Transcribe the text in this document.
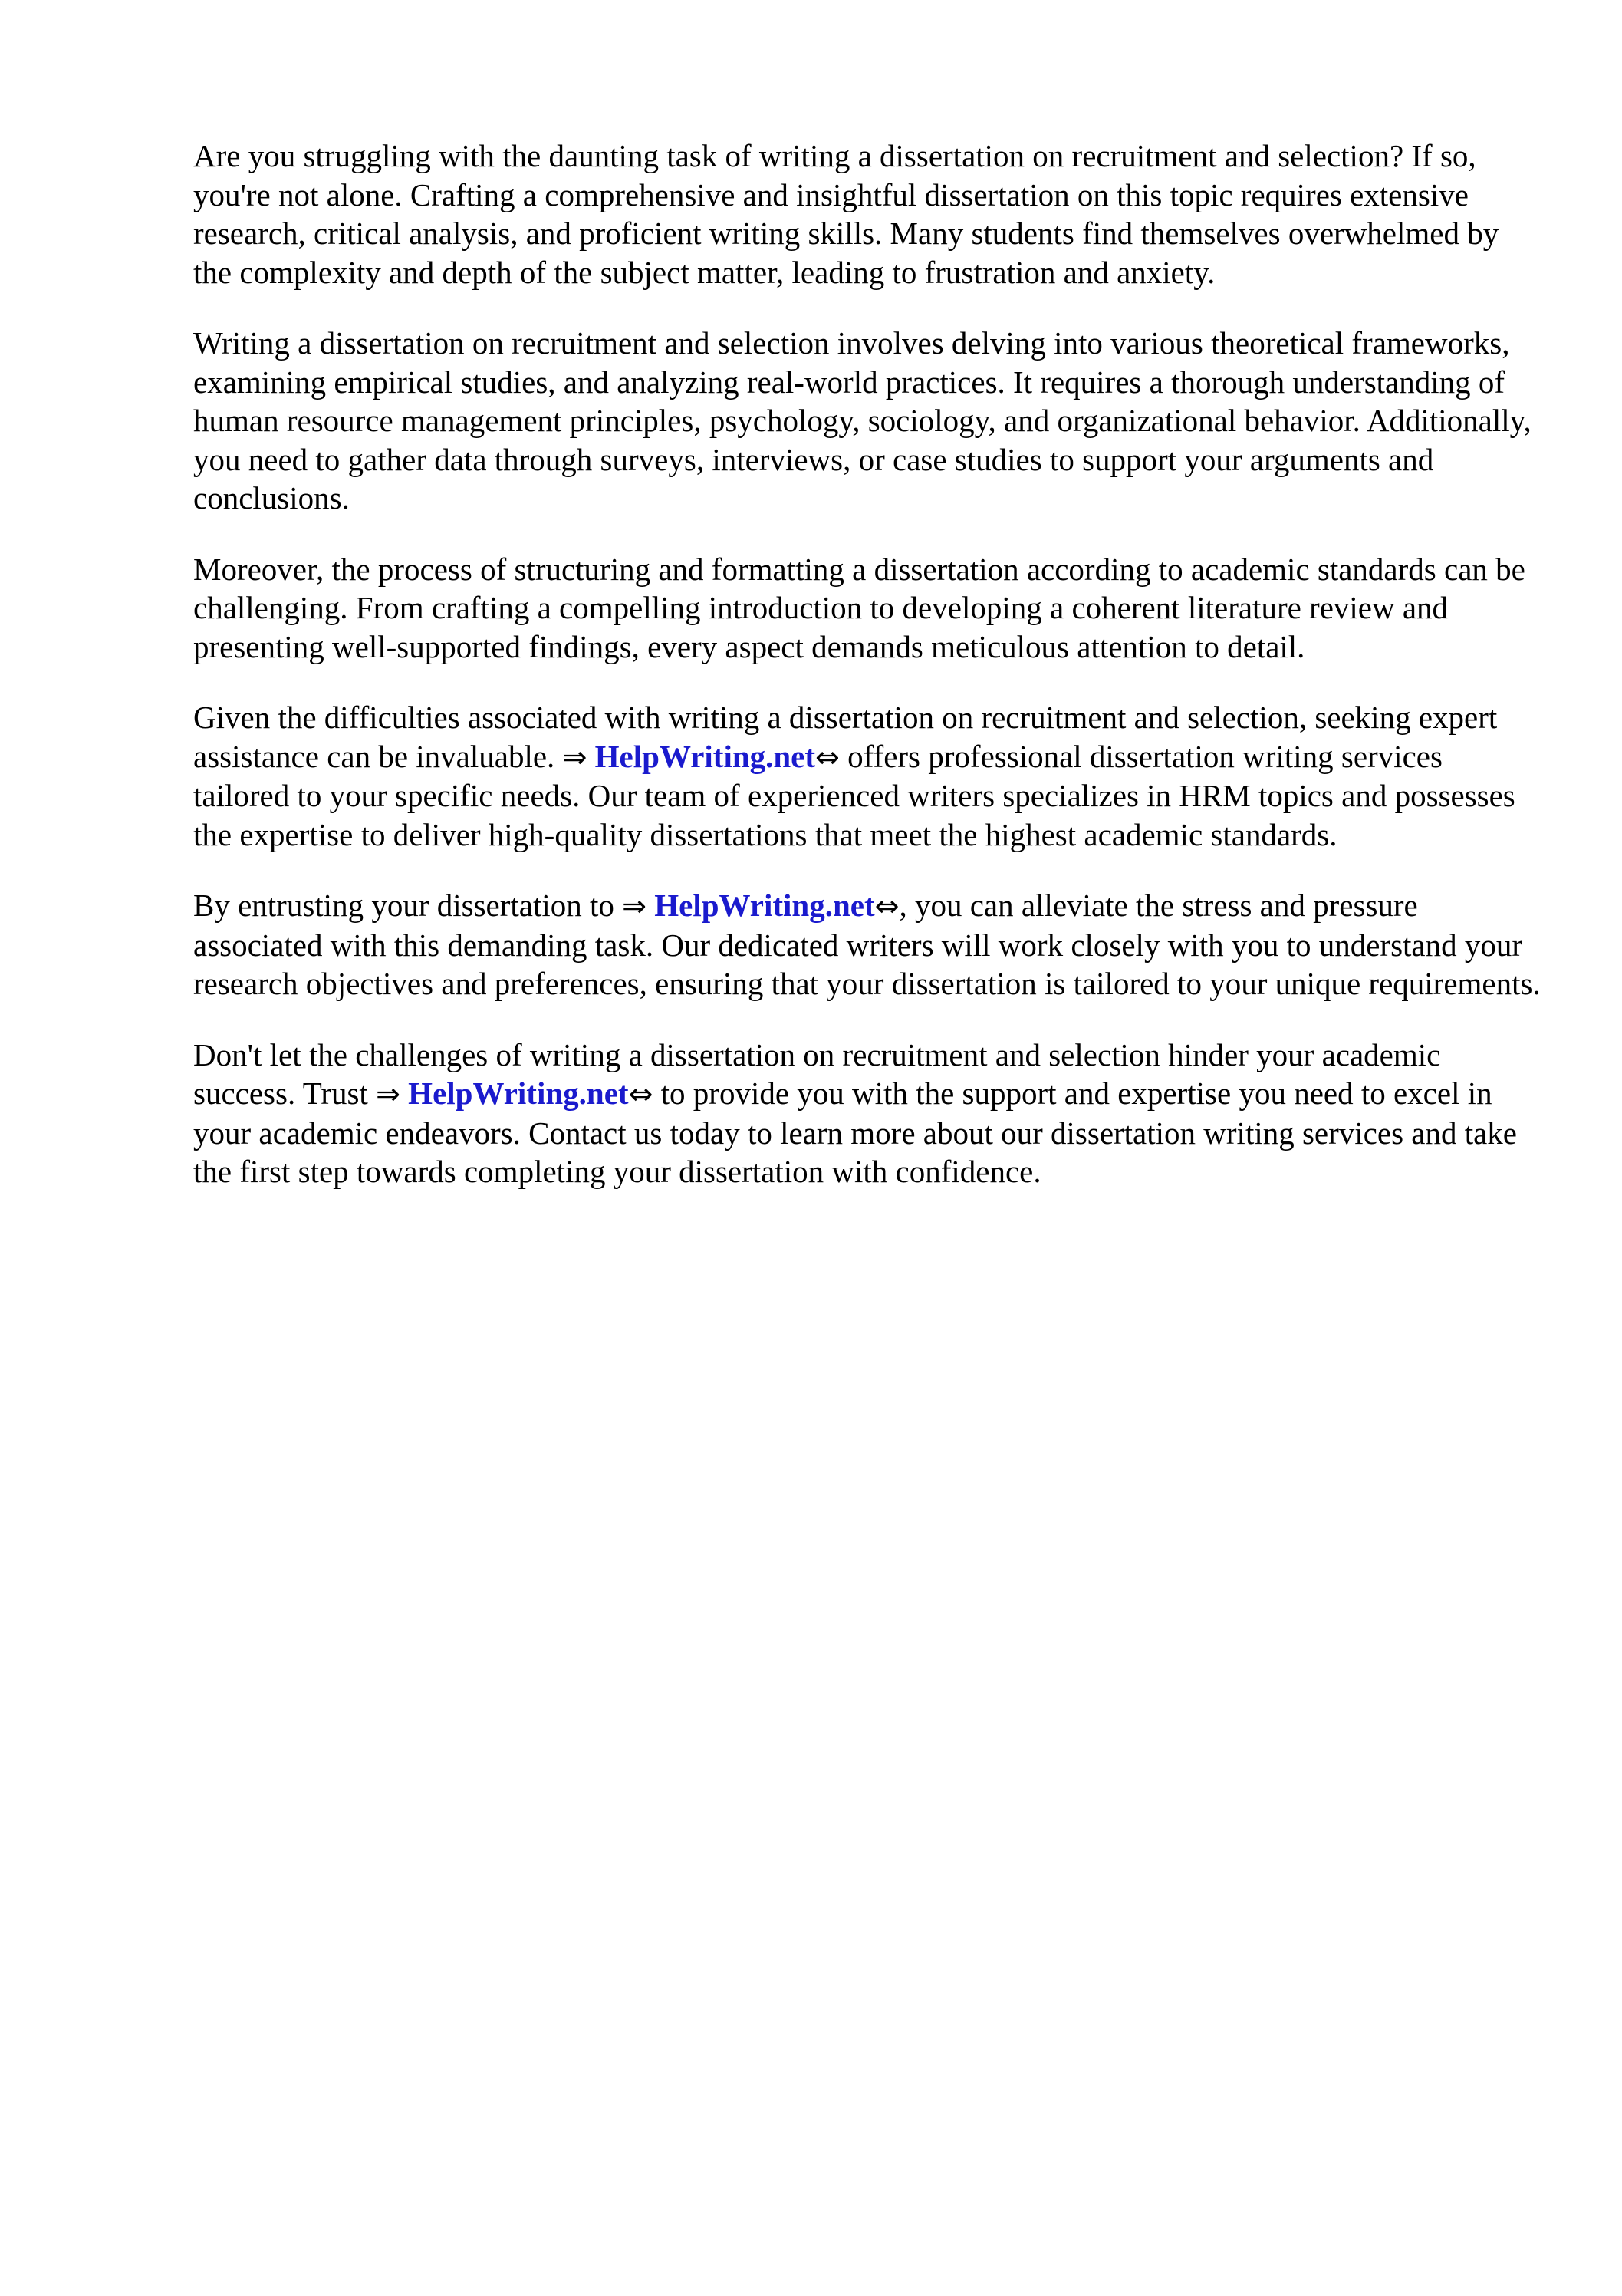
Are you struggling with the daunting task of writing a dissertation on recruitment and selection? If so, you're not alone. Crafting a comprehensive and insightful dissertation on this topic requires extensive research, critical analysis, and proficient writing skills. Many students find themselves overwhelmed by the complexity and depth of the subject matter, leading to frustration and anxiety.

Writing a dissertation on recruitment and selection involves delving into various theoretical frameworks, examining empirical studies, and analyzing real-world practices. It requires a thorough understanding of human resource management principles, psychology, sociology, and organizational behavior. Additionally, you need to gather data through surveys, interviews, or case studies to support your arguments and conclusions.

Moreover, the process of structuring and formatting a dissertation according to academic standards can be challenging. From crafting a compelling introduction to developing a coherent literature review and presenting well-supported findings, every aspect demands meticulous attention to detail.

Given the difficulties associated with writing a dissertation on recruitment and selection, seeking expert assistance can be invaluable. ⇒ HelpWriting.net⇔ offers professional dissertation writing services tailored to your specific needs. Our team of experienced writers specializes in HRM topics and possesses the expertise to deliver high-quality dissertations that meet the highest academic standards.

By entrusting your dissertation to ⇒ HelpWriting.net⇔, you can alleviate the stress and pressure associated with this demanding task. Our dedicated writers will work closely with you to understand your research objectives and preferences, ensuring that your dissertation is tailored to your unique requirements.

Don't let the challenges of writing a dissertation on recruitment and selection hinder your academic success. Trust ⇒ HelpWriting.net⇔ to provide you with the support and expertise you need to excel in your academic endeavors. Contact us today to learn more about our dissertation writing services and take the first step towards completing your dissertation with confidence.
